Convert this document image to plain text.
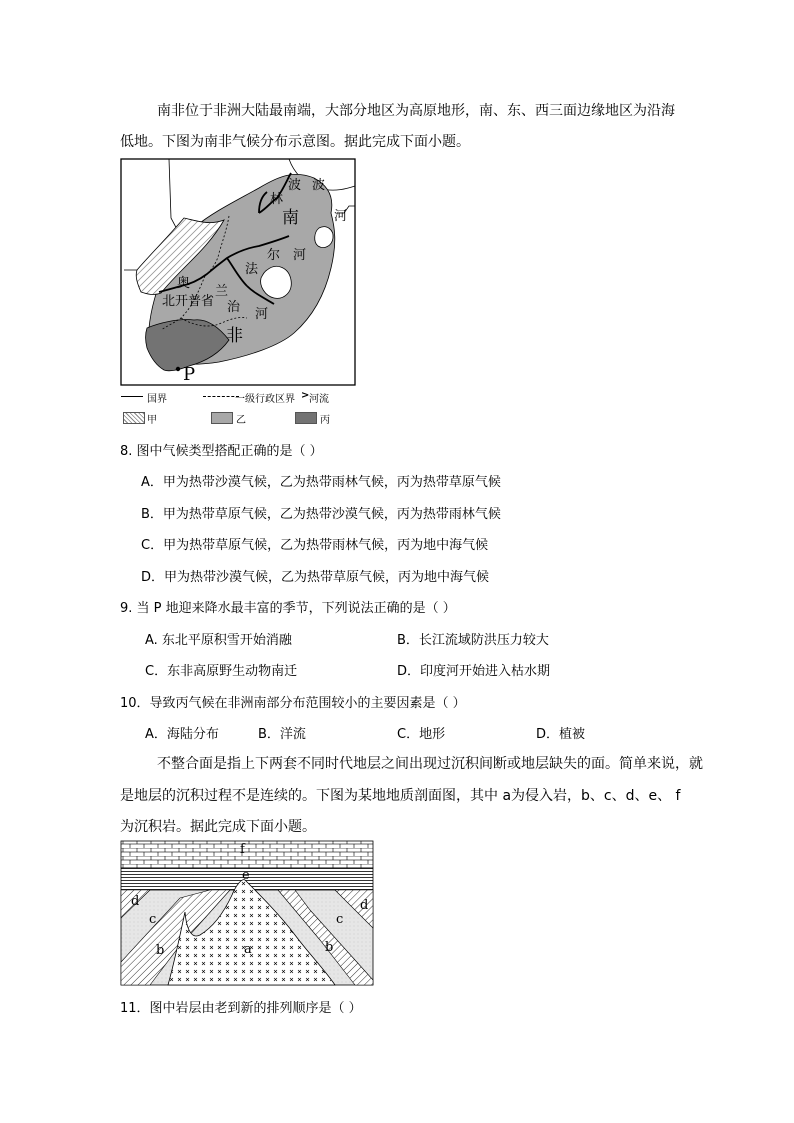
南非位于非洲大陆最南端，大部分地区为高原地形，南、东、西三面边缘地区为沿海
低地。下图为南非气候分布示意图。据此完成下面小题。
波 波
林
南	河
尔 河
法
奥
兰
北开普省 治 河
非
P
国界	一级行政区界 > 河流
甲	乙	丙
8. 图中气候类型搭配正确的是（ ）
A．甲为热带沙漠气候，乙为热带雨林气候，丙为热带草原气候
B．甲为热带草原气候，乙为热带沙漠气候，丙为热带雨林气候
C．甲为热带草原气候，乙为热带雨林气候，丙为地中海气候
D．甲为热带沙漠气候，乙为热带草原气候，丙为地中海气候
9. 当 P 地迎来降水最丰富的季节，下列说法正确的是（ ）
A. 东北平原积雪开始消融	B．长江流域防洪压力较大
C．东非高原野生动物南迁	D．印度河开始进入枯水期
10．导致丙气候在非洲南部分布范围较小的主要因素是（ ）
A．海陆分布	B．洋流	C．地形	D．植被
不整合面是指上下两套不同时代地层之间出现过沉积间断或地层缺失的面。简单来说，就
是地层的沉积过程不是连续的。下图为某地地质剖面图，其中 a为侵入岩，b、c、d、e、 f
为沉积岩。据此完成下面小题。
f
e
d
c
b	a	b
c
d
11．图中岩层由老到新的排列顺序是（ ）
